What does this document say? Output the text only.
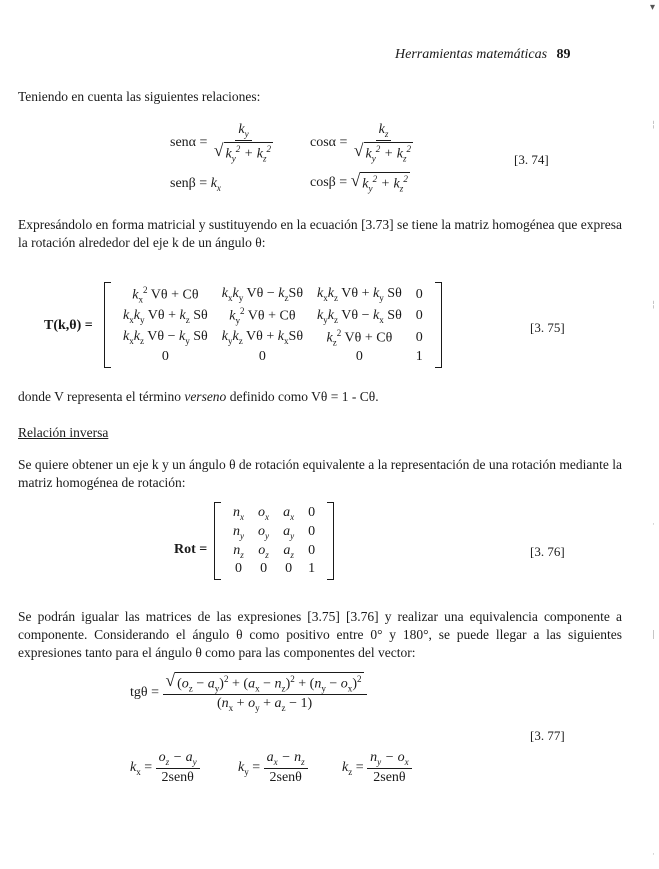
Herramientas matemáticas 89
Teniendo en cuenta las siguientes relaciones:
$sen\alpha = \frac{k_y}{√ k_y^2 + k_z^2}$ $\cos\alpha = \frac{k_z}{√ k_y^2 + k_z^2}$
$sen\beta = k_x$	cosβ = √ $k_y^2 + k_z^2$
[3. 74]
Expresándolo en forma matricial y sustituyendo en la ecuación [3.73] se tiene la matriz homogénea que expresa la rotación alrededor del eje k de un ángulo θ:
T(k,θ) =
$k_x^2$ Vθ + Cθ	$k_xk_y$ $V\theta - k_zS\theta$	$k_xk_z$ $V\theta + k_y$ Sθ	0
$k_xk_y$ $V\theta + k_z$ Sθ	$k_y^2$ Vθ + Cθ	$k_yk_z$ $V\theta - k_x$ Sθ	0
$k_xk_z$ $V\theta - k_y$ Sθ	$k_yk_z$ $V\theta + k_xS\theta$	$k_z^2$ Vθ + Cθ	0
0	0	0	1
[3. 75]
donde V representa el término verseno definido como Vθ = 1 - Cθ.
Relación inversa
Se quiere obtener un eje k y un ángulo θ de rotación equivalente a la representación de una rotación mediante la matriz homogénea de rotación:
Rot =
$n_x$	$o_x$	$a_x$	0
$n_y$	$o_y$	$a_y$	0
$n_z$	$o_z$	$a_z$	0
0	0	0	1
[3. 76]
Se podrán igualar las matrices de las expresiones [3.75] [3.76] y realizar una equivalencia componente a componente. Considerando el ángulo θ como positivo entre 0° y 180°, se puede llegar a las siguientes expresiones tanto para el ángulo θ como para las componentes del vector:
$tg\theta = \frac{√ (o_z - a_y)^2 + (a_x - n_z)^2 + (n_y - o_x)^2}{(n_x + o_y + a_z - 1)}$
$k_x = \frac{o_z - a_y}{\text{2senθ}}$	$k_y = \frac{a_x - n_z}{\text{2senθ}} k_z = \frac{n_y - o_x}{\text{2senθ}}$
[3. 77]
▾
¦
¦
·
|
·
